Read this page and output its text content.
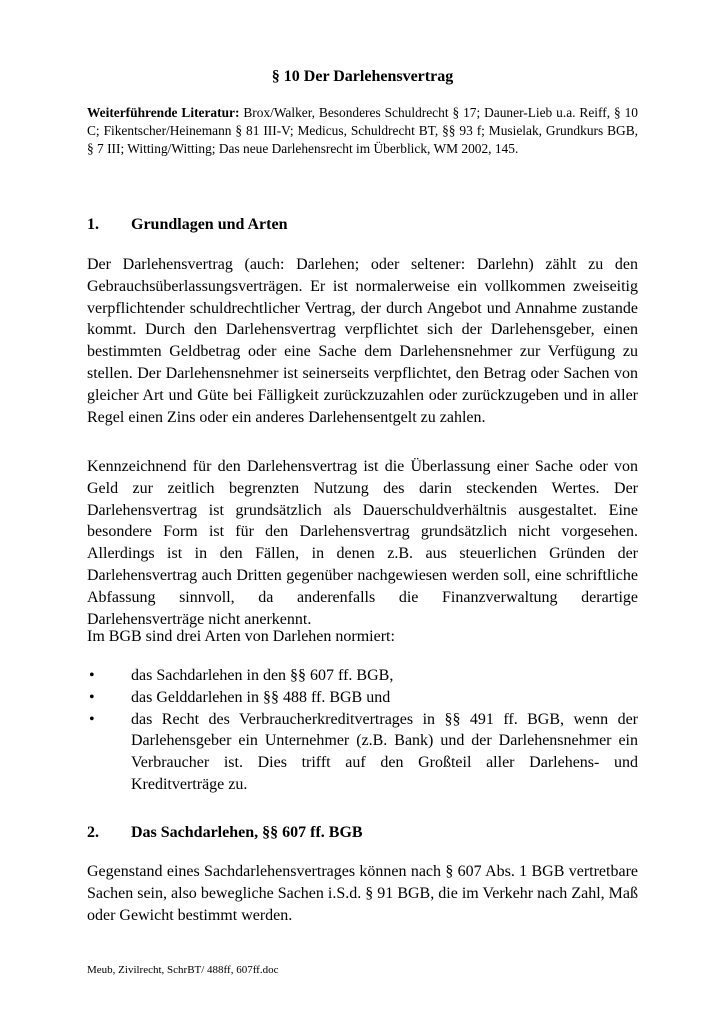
§ 10 Der Darlehensvertrag

Weiterführende Literatur: Brox/Walker, Besonderes Schuldrecht § 17; Dauner-Lieb u.a. Reiff, § 10 C; Fikentscher/Heinemann § 81 III-V; Medicus, Schuldrecht BT, §§ 93 f; Musielak, Grundkurs BGB, § 7 III; Witting/Witting; Das neue Darlehensrecht im Überblick, WM 2002, 145.

1. Grundlagen und Arten

Der Darlehensvertrag (auch: Darlehen; oder seltener: Darlehn) zählt zu den Gebrauchsüberlassungsverträgen. Er ist normalerweise ein vollkommen zweiseitig verpflichtender schuldrechtlicher Vertrag, der durch Angebot und Annahme zustande kommt. Durch den Darlehensvertrag verpflichtet sich der Darlehensgeber, einen bestimmten Geldbetrag oder eine Sache dem Darlehensnehmer zur Verfügung zu stellen. Der Darlehensnehmer ist seinerseits verpflichtet, den Betrag oder Sachen von gleicher Art und Güte bei Fälligkeit zurückzuzahlen oder zurückzugeben und in aller Regel einen Zins oder ein anderes Darlehensentgelt zu zahlen.

Kennzeichnend für den Darlehensvertrag ist die Überlassung einer Sache oder von Geld zur zeitlich begrenzten Nutzung des darin steckenden Wertes. Der Darlehensvertrag ist grundsätzlich als Dauerschuldverhältnis ausgestaltet. Eine besondere Form ist für den Darlehensvertrag grundsätzlich nicht vorgesehen. Allerdings ist in den Fällen, in denen z.B. aus steuerlichen Gründen der Darlehensvertrag auch Dritten gegenüber nachgewiesen werden soll, eine schriftliche Abfassung sinnvoll, da anderenfalls die Finanzverwaltung derartige Darlehensverträge nicht anerkennt.

Im BGB sind drei Arten von Darlehen normiert:

• das Sachdarlehen in den §§ 607 ff. BGB,
• das Gelddarlehen in §§ 488 ff. BGB und
• das Recht des Verbraucherkreditvertrages in §§ 491 ff. BGB, wenn der Darlehensgeber ein Unternehmer (z.B. Bank) und der Darlehensnehmer ein Verbraucher ist. Dies trifft auf den Großteil aller Darlehens- und Kreditverträge zu.
2. Das Sachdarlehen, §§ 607 ff. BGB

Gegenstand eines Sachdarlehensvertrages können nach § 607 Abs. 1 BGB vertretbare Sachen sein, also bewegliche Sachen i.S.d. § 91 BGB, die im Verkehr nach Zahl, Maß oder Gewicht bestimmt werden.

Meub, Zivilrecht, SchrBT/ 488ff, 607ff.doc
